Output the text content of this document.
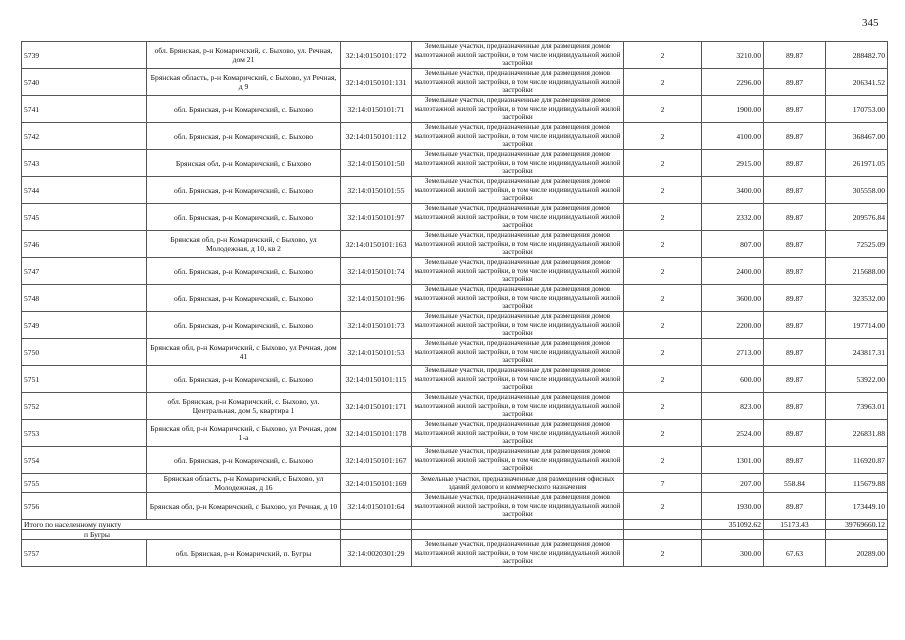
345
5739	обл. Брянская, р-н Комаричский, с. Быхово, ул. Речная, дом 21	32:14:0150101:172	Земельные участки, предназначенные для размещения домов малоэтажной жилой застройки, в том числе индивидуальной жилой застройки	2	3210.00	89.87	288482.70
5740	Брянская область, р-н Комаричский, с Быхово, ул Речная, д 9	32:14:0150101:131	Земельные участки, предназначенные для размещения домов малоэтажной жилой застройки, в том числе индивидуальной жилой застройки	2	2296.00	89.87	206341.52
5741	обл. Брянская, р-н Комаричский, с. Быхово	32:14:0150101:71	Земельные участки, предназначенные для размещения домов малоэтажной жилой застройки, в том числе индивидуальной жилой застройки	2	1900.00	89.87	170753.00
5742	обл. Брянская, р-н Комаричский, с. Быхово	32:14:0150101:112	Земельные участки, предназначенные для размещения домов малоэтажной жилой застройки, в том числе индивидуальной жилой застройки	2	4100.00	89.87	368467.00
5743	Брянская обл, р-н Комаричский, с Быхово	32:14:0150101:50	Земельные участки, предназначенные для размещения домов малоэтажной жилой застройки, в том числе индивидуальной жилой застройки	2	2915.00	89.87	261971.05
5744	обл. Брянская, р-н Комаричский, с. Быхово	32:14:0150101:55	Земельные участки, предназначенные для размещения домов малоэтажной жилой застройки, в том числе индивидуальной жилой застройки	2	3400.00	89.87	305558.00
5745	обл. Брянская, р-н Комаричский, с. Быхово	32:14:0150101:97	Земельные участки, предназначенные для размещения домов малоэтажной жилой застройки, в том числе индивидуальной жилой застройки	2	2332.00	89.87	209576.84
5746	Брянская обл, р-н Комаричский, с Быхово, ул Молодежная, д 10, кв 2	32:14:0150101:163	Земельные участки, предназначенные для размещения домов малоэтажной жилой застройки, в том числе индивидуальной жилой застройки	2	807.00	89.87	72525.09
5747	обл. Брянская, р-н Комаричский, с. Быхово	32:14:0150101:74	Земельные участки, предназначенные для размещения домов малоэтажной жилой застройки, в том числе индивидуальной жилой застройки	2	2400.00	89.87	215688.00
5748	обл. Брянская, р-н Комаричский, с. Быхово	32:14:0150101:96	Земельные участки, предназначенные для размещения домов малоэтажной жилой застройки, в том числе индивидуальной жилой застройки	2	3600.00	89.87	323532.00
5749	обл. Брянская, р-н Комаричский, с. Быхово	32:14:0150101:73	Земельные участки, предназначенные для размещения домов малоэтажной жилой застройки, в том числе индивидуальной жилой застройки	2	2200.00	89.87	197714.00
5750	Брянская обл, р-н Комаричский, с Быхово, ул Речная, дом 41	32:14:0150101:53	Земельные участки, предназначенные для размещения домов малоэтажной жилой застройки, в том числе индивидуальной жилой застройки	2	2713.00	89.87	243817.31
5751	обл. Брянская, р-н Комаричский, с. Быхово	32:14:0150101:115	Земельные участки, предназначенные для размещения домов малоэтажной жилой застройки, в том числе индивидуальной жилой застройки	2	600.00	89.87	53922.00
5752	обл. Брянская, р-н Комаричский, с. Быхово, ул. Центральная, дом 5, квартира 1	32:14:0150101:171	Земельные участки, предназначенные для размещения домов малоэтажной жилой застройки, в том числе индивидуальной жилой застройки	2	823.00	89.87	73963.01
5753	Брянская обл, р-н Комаричский, с Быхово, ул Речная, дом 1-а	32:14:0150101:178	Земельные участки, предназначенные для размещения домов малоэтажной жилой застройки, в том числе индивидуальной жилой застройки	2	2524.00	89.87	226831.88
5754	обл. Брянская, р-н Комаричский, с. Быхово	32:14:0150101:167	Земельные участки, предназначенные для размещения домов малоэтажной жилой застройки, в том числе индивидуальной жилой застройки	2	1301.00	89.87	116920.87
5755	Брянская область, р-н Комаричский, с Быхово, ул Молодежная, д 16	32:14:0150101:169	Земельные участки, предназначенные для размещения офисных зданий делового и коммерческого назначения	7	207.00	558.84	115679.88
5756	Брянская обл, р-н Комаричский, с Быхово, ул Речная, д 10	32:14:0150101:64	Земельные участки, предназначенные для размещения домов малоэтажной жилой застройки, в том числе индивидуальной жилой застройки	2	1930.00	89.87	173449.10
Итого по населенному пункту					351092.62	15173.43	39769660.12
п Бугры							
5757	обл. Брянская, р-н Комаричский, п. Бугры	32:14:0020301:29	Земельные участки, предназначенные для размещения домов малоэтажной жилой застройки, в том числе индивидуальной жилой застройки	2	300.00	67.63	20289.00
